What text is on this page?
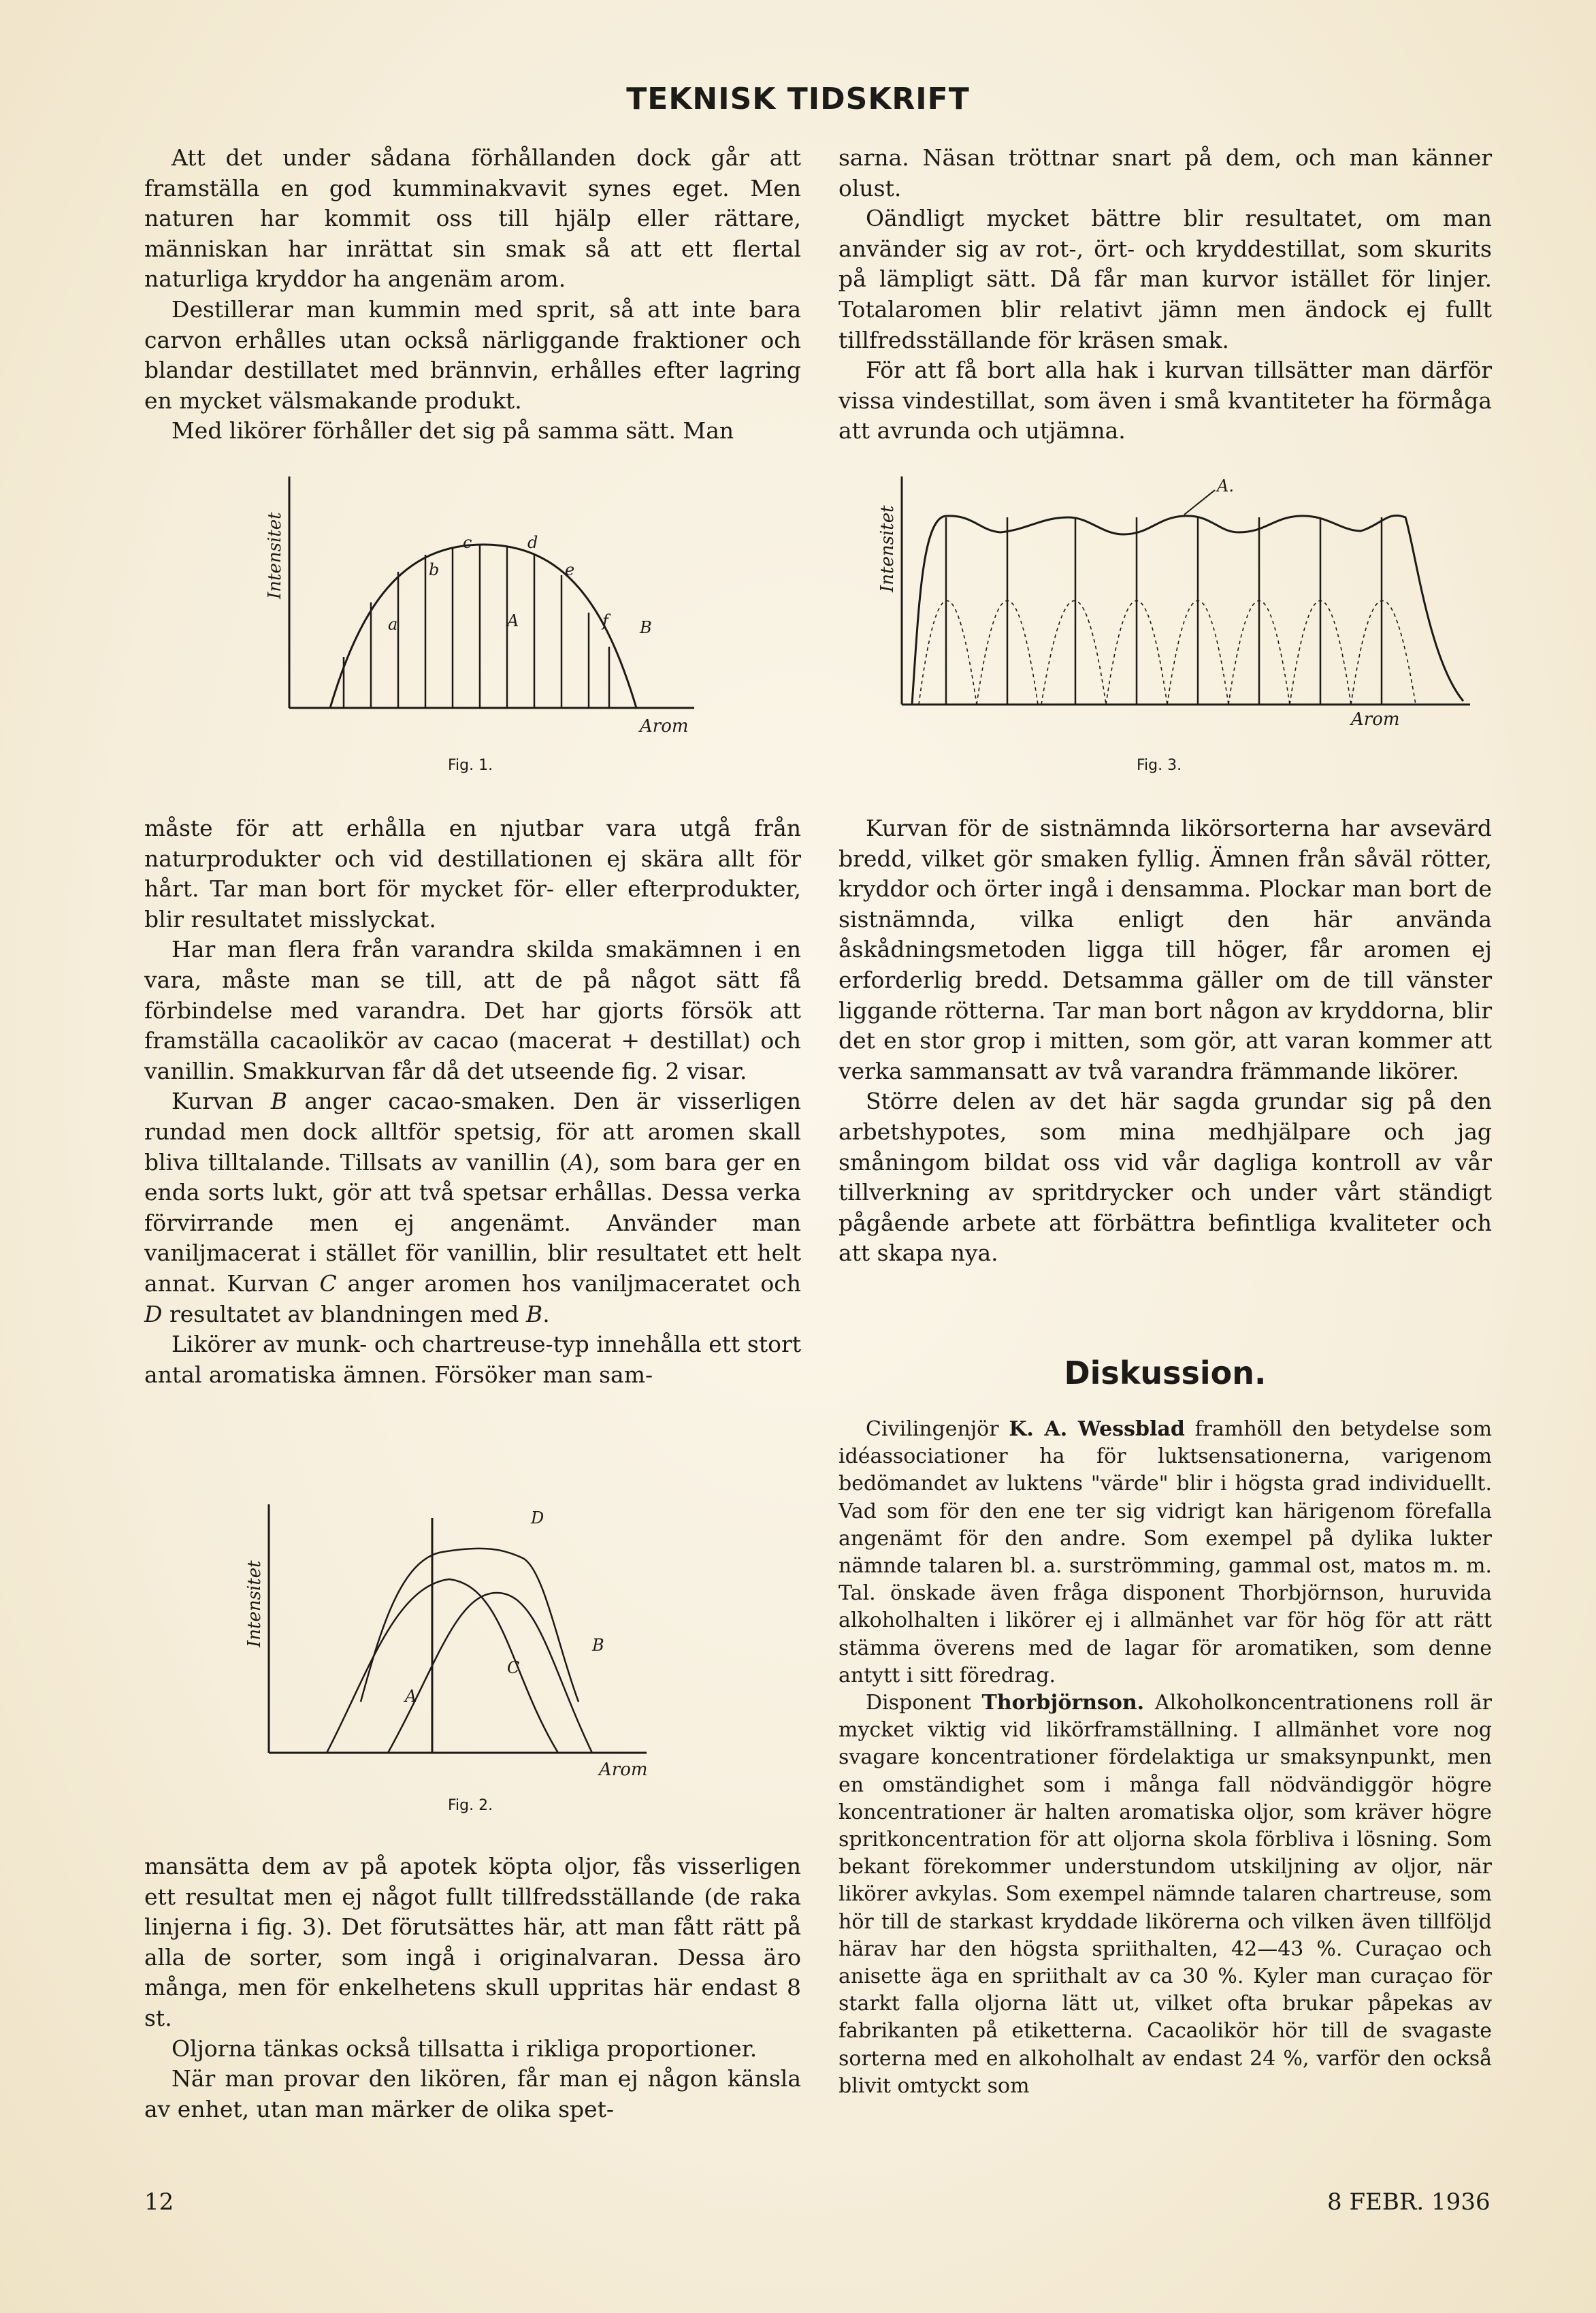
TEKNISK TIDSKRIFT

Att det under sådana förhållanden dock går att framställa en god kumminakvavit synes eget. Men naturen har kommit oss till hjälp eller rättare, människan har inrättat sin smak så att ett flertal naturliga kryddor ha angenäm arom.

Destillerar man kummin med sprit, så att inte bara carvon erhålles utan också närliggande fraktioner och blandar destillatet med brännvin, erhålles efter lagring en mycket välsmakande produkt.

Med likörer förhåller det sig på samma sätt. Man

Intensitet
Arom
a
b
c	d
e
f
A	B
Fig. 1.

måste för att erhålla en njutbar vara utgå från naturprodukter och vid destillationen ej skära allt för hårt. Tar man bort för mycket för- eller efterprodukter, blir resultatet misslyckat.

Har man flera från varandra skilda smakämnen i en vara, måste man se till, att de på något sätt få förbindelse med varandra. Det har gjorts försök att framställa cacaolikör av cacao (macerat + destillat) och vanillin. Smakkurvan får då det utseende fig. 2 visar.

Kurvan B anger cacao-smaken. Den är visserligen rundad men dock alltför spetsig, för att aromen skall bliva tilltalande. Tillsats av vanillin (A), som bara ger en enda sorts lukt, gör att två spetsar erhållas. Dessa verka förvirrande men ej angenämt. Använder man vaniljmacerat i stället för vanillin, blir resultatet ett helt annat. Kurvan C anger aromen hos vaniljmaceratet och D resultatet av blandningen med B.

Likörer av munk- och chartreuse-typ innehålla ett stort antal aromatiska ämnen. Försöker man sam-

Intensitet
Arom
A
B
C
D
Fig. 2.

mansätta dem av på apotek köpta oljor, fås visserligen ett resultat men ej något fullt tillfredsställande (de raka linjerna i fig. 3). Det förutsättes här, att man fått rätt på alla de sorter, som ingå i originalvaran. Dessa äro många, men för enkelhetens skull uppritas här endast 8 st.

Oljorna tänkas också tillsatta i rikliga proportioner.

När man provar den likören, får man ej någon känsla av enhet, utan man märker de olika spet-

sarna. Näsan tröttnar snart på dem, och man känner olust.

Oändligt mycket bättre blir resultatet, om man använder sig av rot-, ört- och kryddestillat, som skurits på lämpligt sätt. Då får man kurvor istället för linjer. Totalaromen blir relativt jämn men ändock ej fullt tillfredsställande för kräsen smak.

För att få bort alla hak i kurvan tillsätter man därför vissa vindestillat, som även i små kvantiteter ha förmåga att avrunda och utjämna.

Intensitet
Arom
A.
Fig. 3.

Kurvan för de sistnämnda likörsorterna har avsevärd bredd, vilket gör smaken fyllig. Ämnen från såväl rötter, kryddor och örter ingå i densamma. Plockar man bort de sistnämnda, vilka enligt den här använda åskådningsmetoden ligga till höger, får aromen ej erforderlig bredd. Detsamma gäller om de till vänster liggande rötterna. Tar man bort någon av kryddorna, blir det en stor grop i mitten, som gör, att varan kommer att verka sammansatt av två varandra främmande likörer.

Större delen av det här sagda grundar sig på den arbetshypotes, som mina medhjälpare och jag småningom bildat oss vid vår dagliga kontroll av vår tillverkning av spritdrycker och under vårt ständigt pågående arbete att förbättra befintliga kvaliteter och att skapa nya.

Diskussion.

Civilingenjör K. A. Wessblad framhöll den betydelse som idéassociationer ha för luktsensationerna, varigenom bedömandet av luktens "värde" blir i högsta grad individuellt. Vad som för den ene ter sig vidrigt kan härigenom förefalla angenämt för den andre. Som exempel på dylika lukter nämnde talaren bl. a. surströmming, gammal ost, matos m. m. Tal. önskade även fråga disponent Thorbjörnson, huruvida alkoholhalten i likörer ej i allmänhet var för hög för att rätt stämma överens med de lagar för aromatiken, som denne antytt i sitt föredrag.

Disponent Thorbjörnson. Alkoholkoncentrationens roll är mycket viktig vid likörframställning. I allmänhet vore nog svagare koncentrationer fördelaktiga ur smaksynpunkt, men en omständighet som i många fall nödvändiggör högre koncentrationer är halten aromatiska oljor, som kräver högre spritkoncentration för att oljorna skola förbliva i lösning. Som bekant förekommer understundom utskiljning av oljor, när likörer avkylas. Som exempel nämnde talaren chartreuse, som hör till de starkast kryddade likörerna och vilken även tillföljd härav har den högsta spriithalten, 42—43 %. Curaçao och anisette äga en spriithalt av ca 30 %. Kyler man curaçao för starkt falla oljorna lätt ut, vilket ofta brukar påpekas av fabrikanten på etiketterna. Cacaolikör hör till de svagaste sorterna med en alkoholhalt av endast 24 %, varför den också blivit omtyckt som

12	8 FEBR. 1936
